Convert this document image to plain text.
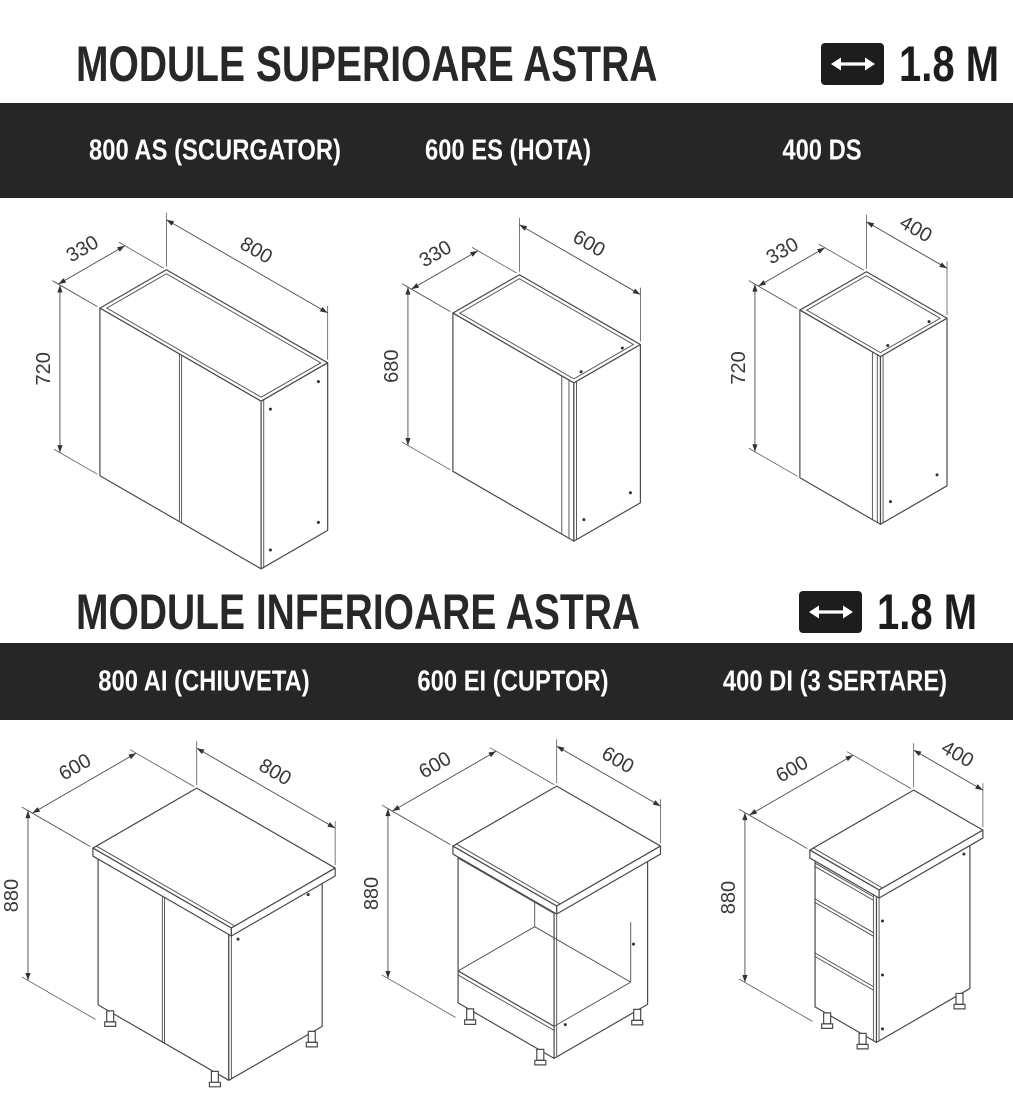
MODULE SUPERIOARE ASTRA	1.8 M
800 AS (SCURGATOR)	600 ES (HOTA)	400 DS
720
330	800
680
330	600
720
330
400
MODULE INFERIOARE ASTRA	1.8 M
800 AI (CHIUVETA)	600 EI (CUPTOR)	400 DI (3 SERTARE)
880
600	800
880
600	600
880
600	400
